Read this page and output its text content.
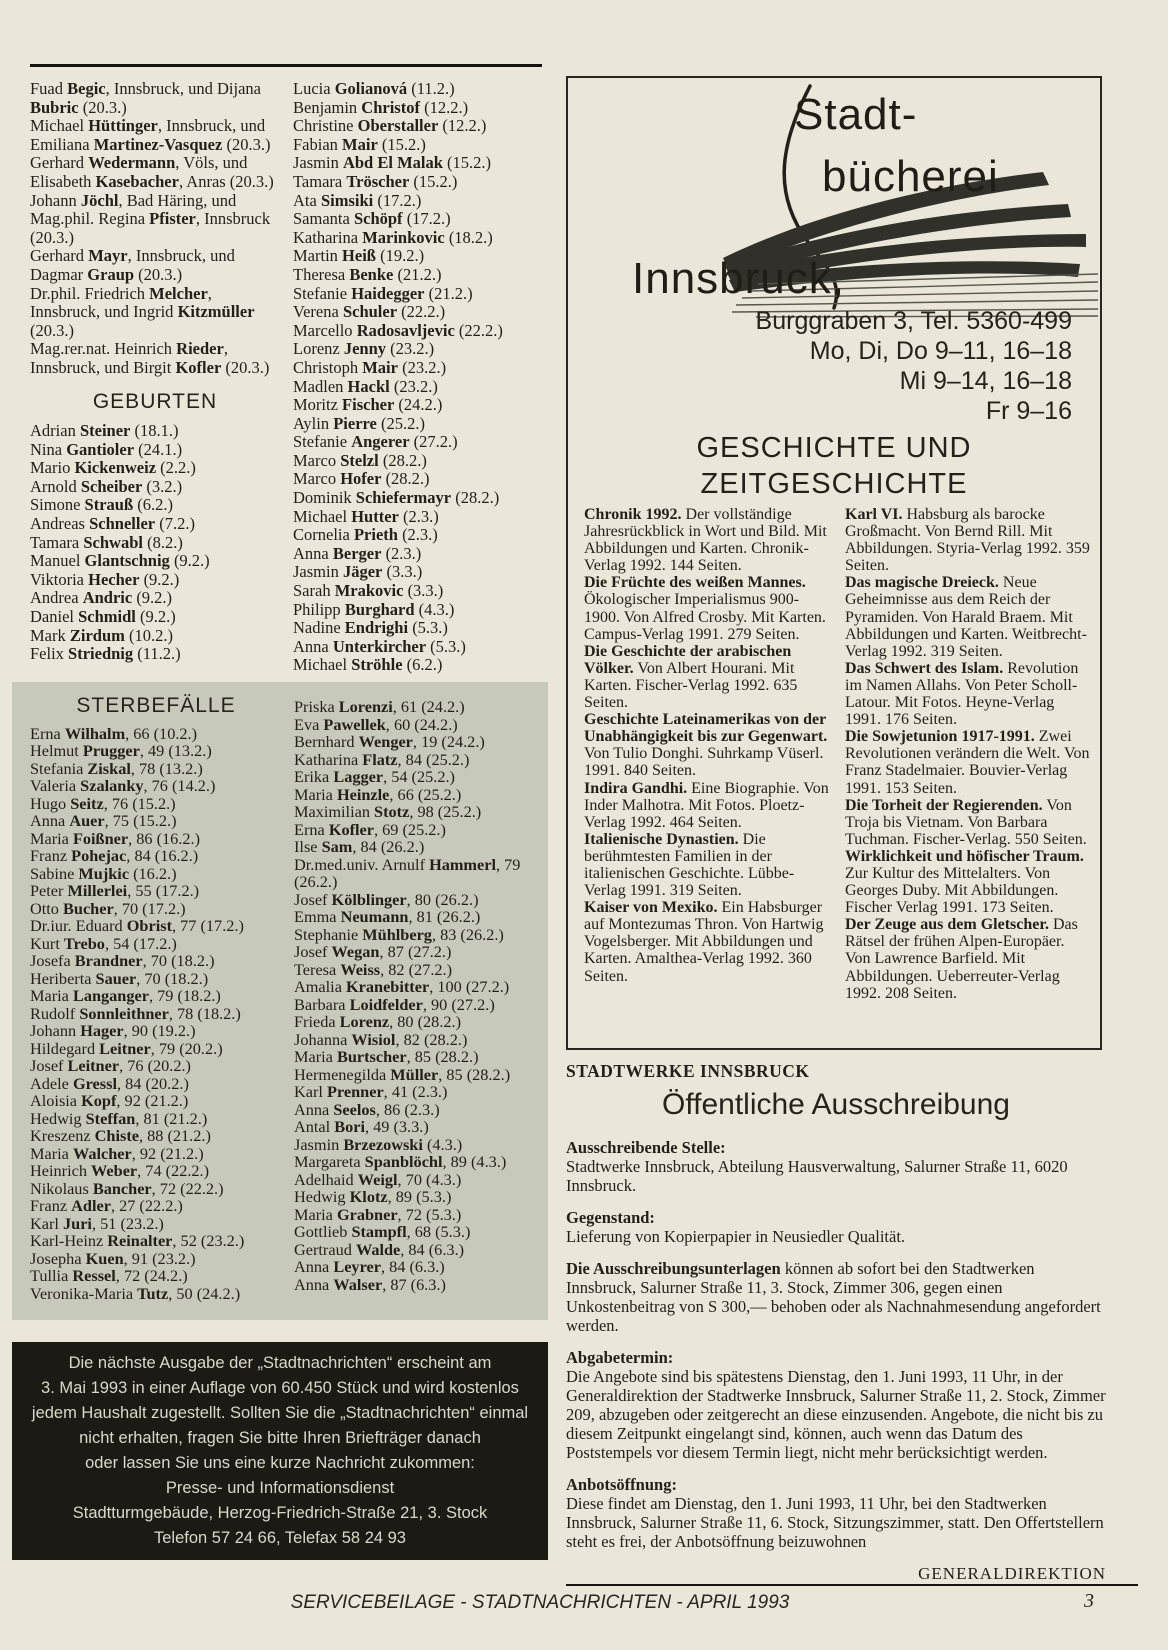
Fuad Begic, Innsbruck, und Dijana Bubric (20.3.)
Michael Hüttinger, Innsbruck, und Emiliana Martinez-Vasquez (20.3.)
Gerhard Wedermann, Völs, und Elisabeth Kasebacher, Anras (20.3.)
Johann Jöchl, Bad Häring, und Mag.phil. Regina Pfister, Innsbruck (20.3.)
Gerhard Mayr, Innsbruck, und Dagmar Graup (20.3.)
Dr.phil. Friedrich Melcher, Innsbruck, und Ingrid Kitzmüller (20.3.)
Mag.rer.nat. Heinrich Rieder, Innsbruck, und Birgit Kofler (20.3.)
GEBURTEN
Adrian Steiner (18.1.)
Nina Gantioler (24.1.)
Mario Kickenweiz (2.2.)
Arnold Scheiber (3.2.)
Simone Strauß (6.2.)
Andreas Schneller (7.2.)
Tamara Schwabl (8.2.)
Manuel Glantschnig (9.2.)
Viktoria Hecher (9.2.)
Andrea Andric (9.2.)
Daniel Schmidl (9.2.)
Mark Zirdum (10.2.)
Felix Striednig (11.2.)
Lucia Golianová (11.2.)
Benjamin Christof (12.2.)
Christine Oberstaller (12.2.)
Fabian Mair (15.2.)
Jasmin Abd El Malak (15.2.)
Tamara Tröscher (15.2.)
Ata Simsiki (17.2.)
Samanta Schöpf (17.2.)
Katharina Marinkovic (18.2.)
Martin Heiß (19.2.)
Theresa Benke (21.2.)
Stefanie Haidegger (21.2.)
Verena Schuler (22.2.)
Marcello Radosavljevic (22.2.)
Lorenz Jenny (23.2.)
Christoph Mair (23.2.)
Madlen Hackl (23.2.)
Moritz Fischer (24.2.)
Aylin Pierre (25.2.)
Stefanie Angerer (27.2.)
Marco Stelzl (28.2.)
Marco Hofer (28.2.)
Dominik Schiefermayr (28.2.)
Michael Hutter (2.3.)
Cornelia Prieth (2.3.)
Anna Berger (2.3.)
Jasmin Jäger (3.3.)
Sarah Mrakovic (3.3.)
Philipp Burghard (4.3.)
Nadine Endrighi (5.3.)
Anna Unterkircher (5.3.)
Michael Ströhle (6.2.)
STERBEFÄLLE
Erna Wilhalm, 66 (10.2.)
Helmut Prugger, 49 (13.2.)
Stefania Ziskal, 78 (13.2.)
Valeria Szalanky, 76 (14.2.)
Hugo Seitz, 76 (15.2.)
Anna Auer, 75 (15.2.)
Maria Foißner, 86 (16.2.)
Franz Pohejac, 84 (16.2.)
Sabine Mujkic (16.2.)
Peter Millerlei, 55 (17.2.)
Otto Bucher, 70 (17.2.)
Dr.iur. Eduard Obrist, 77 (17.2.)
Kurt Trebo, 54 (17.2.)
Josefa Brandner, 70 (18.2.)
Heriberta Sauer, 70 (18.2.)
Maria Langanger, 79 (18.2.)
Rudolf Sonnleithner, 78 (18.2.)
Johann Hager, 90 (19.2.)
Hildegard Leitner, 79 (20.2.)
Josef Leitner, 76 (20.2.)
Adele Gressl, 84 (20.2.)
Aloisia Kopf, 92 (21.2.)
Hedwig Steffan, 81 (21.2.)
Kreszenz Chiste, 88 (21.2.)
Maria Walcher, 92 (21.2.)
Heinrich Weber, 74 (22.2.)
Nikolaus Bancher, 72 (22.2.)
Franz Adler, 27 (22.2.)
Karl Juri, 51 (23.2.)
Karl-Heinz Reinalter, 52 (23.2.)
Josepha Kuen, 91 (23.2.)
Tullia Ressel, 72 (24.2.)
Veronika-Maria Tutz, 50 (24.2.)
Priska Lorenzi, 61 (24.2.)
Eva Pawellek, 60 (24.2.)
Bernhard Wenger, 19 (24.2.)
Katharina Flatz, 84 (25.2.)
Erika Lagger, 54 (25.2.)
Maria Heinzle, 66 (25.2.)
Maximilian Stotz, 98 (25.2.)
Erna Kofler, 69 (25.2.)
Ilse Sam, 84 (26.2.)
Dr.med.univ. Arnulf Hammerl, 79 (26.2.)
Josef Kölblinger, 80 (26.2.)
Emma Neumann, 81 (26.2.)
Stephanie Mühlberg, 83 (26.2.)
Josef Wegan, 87 (27.2.)
Teresa Weiss, 82 (27.2.)
Amalia Kranebitter, 100 (27.2.)
Barbara Loidfelder, 90 (27.2.)
Frieda Lorenz, 80 (28.2.)
Johanna Wisiol, 82 (28.2.)
Maria Burtscher, 85 (28.2.)
Hermenegilda Müller, 85 (28.2.)
Karl Prenner, 41 (2.3.)
Anna Seelos, 86 (2.3.)
Antal Bori, 49 (3.3.)
Jasmin Brzezowski (4.3.)
Margareta Spanblöchl, 89 (4.3.)
Adelhaid Weigl, 70 (4.3.)
Hedwig Klotz, 89 (5.3.)
Maria Grabner, 72 (5.3.)
Gottlieb Stampfl, 68 (5.3.)
Gertraud Walde, 84 (6.3.)
Anna Leyrer, 84 (6.3.)
Anna Walser, 87 (6.3.)
Die nächste Ausgabe der „Stadtnachrichten“ erscheint am
3. Mai 1993 in einer Auflage von 60.450 Stück und wird kostenlos
jedem Haushalt zugestellt. Sollten Sie die „Stadtnachrichten“ einmal
nicht erhalten, fragen Sie bitte Ihren Briefträger danach
oder lassen Sie uns eine kurze Nachricht zukommen:
Presse- und Informationsdienst
Stadtturmgebäude, Herzog-Friedrich-Straße 21, 3. Stock
Telefon 57 24 66, Telefax 58 24 93
Stadt-
bücherei
Innsbruck,
Burggraben 3, Tel. 5360-499
Mo, Di, Do 9–11, 16–18
Mi 9–14, 16–18
Fr 9–16
GESCHICHTE UND ZEITGESCHICHTE
Chronik 1992. Der vollständige Jahresrückblick in Wort und Bild. Mit Abbildungen und Karten. Chronik-Verlag 1992. 144 Seiten.
Die Früchte des weißen Mannes. Ökologischer Imperialismus 900-1900. Von Alfred Crosby. Mit Karten. Campus-Verlag 1991. 279 Seiten.
Die Geschichte der arabischen Völker. Von Albert Hourani. Mit Karten. Fischer-Verlag 1992. 635 Seiten.
Geschichte Lateinamerikas von der Unabhängigkeit bis zur Gegenwart. Von Tulio Donghi. Suhrkamp Vüserl. 1991. 840 Seiten.
Indira Gandhi. Eine Biographie. Von Inder Malhotra. Mit Fotos. Ploetz-Verlag 1992. 464 Seiten.
Italienische Dynastien. Die berühmtesten Familien in der italienischen Geschichte. Lübbe-Verlag 1991. 319 Seiten.
Kaiser von Mexiko. Ein Habsburger auf Montezumas Thron. Von Hartwig Vogelsberger. Mit Abbildungen und Karten. Amalthea-Verlag 1992. 360 Seiten.
Karl VI. Habsburg als barocke Großmacht. Von Bernd Rill. Mit Abbildungen. Styria-Verlag 1992. 359 Seiten.
Das magische Dreieck. Neue Geheimnisse aus dem Reich der Pyramiden. Von Harald Braem. Mit Abbildungen und Karten. Weitbrecht-Verlag 1992. 319 Seiten.
Das Schwert des Islam. Revolution im Namen Allahs. Von Peter Scholl-Latour. Mit Fotos. Heyne-Verlag 1991. 176 Seiten.
Die Sowjetunion 1917-1991. Zwei Revolutionen verändern die Welt. Von Franz Stadelmaier. Bouvier-Verlag 1991. 153 Seiten.
Die Torheit der Regierenden. Von Troja bis Vietnam. Von Barbara Tuchman. Fischer-Verlag. 550 Seiten.
Wirklichkeit und höfischer Traum. Zur Kultur des Mittelalters. Von Georges Duby. Mit Abbildungen. Fischer Verlag 1991. 173 Seiten.
Der Zeuge aus dem Gletscher. Das Rätsel der frühen Alpen-Europäer. Von Lawrence Barfield. Mit Abbildungen. Ueberreuter-Verlag 1992. 208 Seiten.
STADTWERKE INNSBRUCK
Öffentliche Ausschreibung
Ausschreibende Stelle:
Stadtwerke Innsbruck, Abteilung Hausverwaltung, Salurner Straße 11, 6020 Innsbruck.
Gegenstand:
Lieferung von Kopierpapier in Neusiedler Qualität.
Die Ausschreibungsunterlagen können ab sofort bei den Stadtwerken Innsbruck, Salurner Straße 11, 3. Stock, Zimmer 306, gegen einen Unkostenbeitrag von S 300,— behoben oder als Nachnahmesendung angefordert werden.
Abgabetermin:
Die Angebote sind bis spätestens Dienstag, den 1. Juni 1993, 11 Uhr, in der Generaldirektion der Stadtwerke Innsbruck, Salurner Straße 11, 2. Stock, Zimmer 209, abzugeben oder zeitgerecht an diese einzusenden. Angebote, die nicht bis zu diesem Zeitpunkt eingelangt sind, können, auch wenn das Datum des Poststempels vor diesem Termin liegt, nicht mehr berücksichtigt werden.
Anbotsöffnung:
Diese findet am Dienstag, den 1. Juni 1993, 11 Uhr, bei den Stadtwerken Innsbruck, Salurner Straße 11, 6. Stock, Sitzungszimmer, statt. Den Offertstellern steht es frei, der Anbotsöffnung beizuwohnen
GENERALDIREKTION
SERVICEBEILAGE - STADTNACHRICHTEN - APRIL 1993	3
